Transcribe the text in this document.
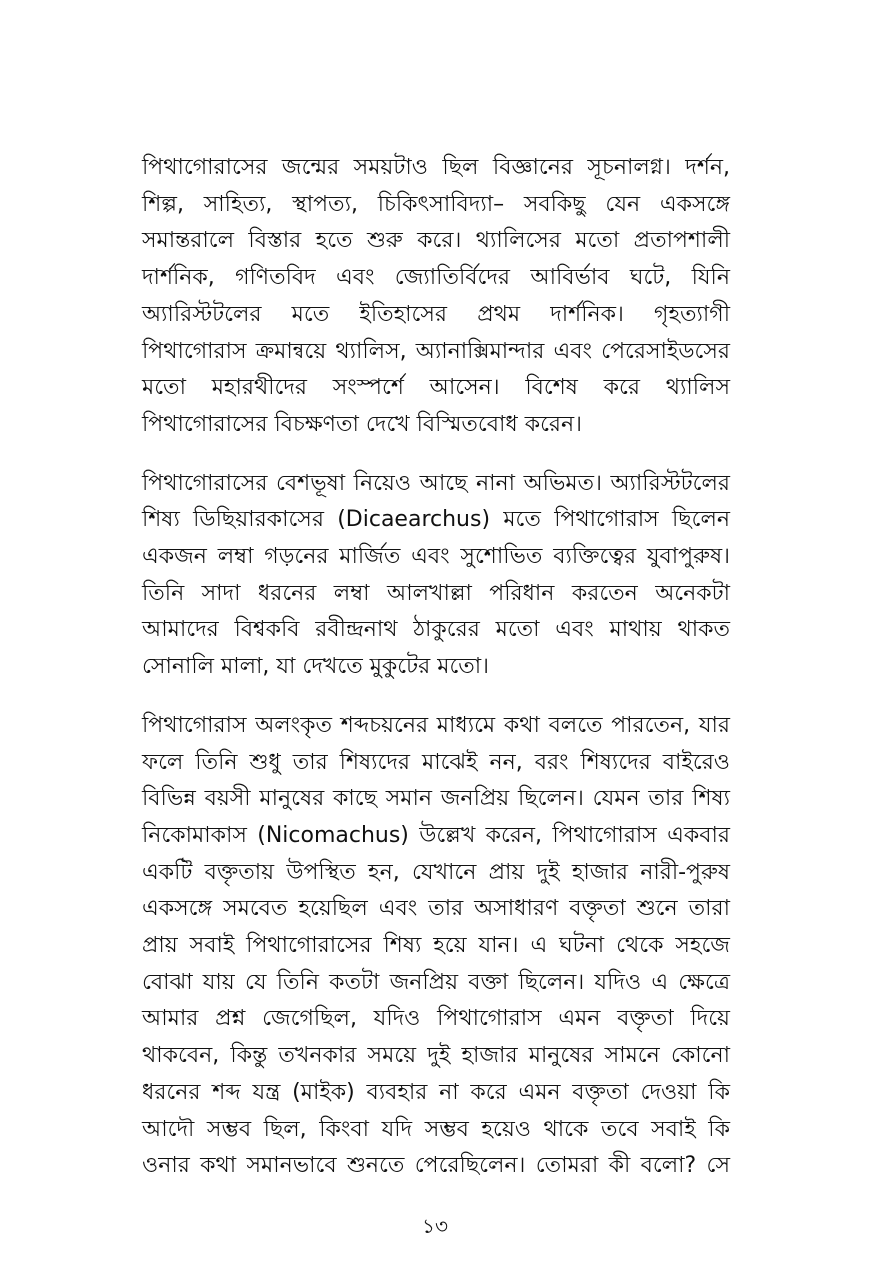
পিথাগোরাসের জন্মের সময়টাও ছিল বিজ্ঞানের সূচনালগ্ন। দর্শন,
শিল্প, সাহিত্য, স্থাপত্য, চিকিৎসাবিদ্যা– সবকিছু যেন একসঙ্গে
সমান্তরালে বিস্তার হতে শুরু করে। থ্যালিসের মতো প্রতাপশালী
দার্শনিক, গণিতবিদ এবং জ্যোতির্বিদের আবির্ভাব ঘটে, যিনি
অ্যারিস্টটলের মতে ইতিহাসের প্রথম দার্শনিক। গৃহত্যাগী
পিথাগোরাস ক্রমান্বয়ে থ্যালিস, অ্যানাক্সিমান্দার এবং পেরেসাইডসের
মতো মহারথীদের সংস্পর্শে আসেন। বিশেষ করে থ্যালিস
পিথাগোরাসের বিচক্ষণতা দেখে বিস্মিতবোধ করেন।
পিথাগোরাসের বেশভূষা নিয়েও আছে নানা অভিমত। অ্যারিস্টটলের
শিষ্য ডিছিয়ারকাসের (Dicaearchus) মতে পিথাগোরাস ছিলেন
একজন লম্বা গড়নের মার্জিত এবং সুশোভিত ব্যক্তিত্বের যুবাপুরুষ।
তিনি সাদা ধরনের লম্বা আলখাল্লা পরিধান করতেন অনেকটা
আমাদের বিশ্বকবি রবীন্দ্রনাথ ঠাকুরের মতো এবং মাথায় থাকত
সোনালি মালা, যা দেখতে মুকুটের মতো।
পিথাগোরাস অলংকৃত শব্দচয়নের মাধ্যমে কথা বলতে পারতেন, যার
ফলে তিনি শুধু তার শিষ্যদের মাঝেই নন, বরং শিষ্যদের বাইরেও
বিভিন্ন বয়সী মানুষের কাছে সমান জনপ্রিয় ছিলেন। যেমন তার শিষ্য
নিকোমাকাস (Nicomachus) উল্লেখ করেন, পিথাগোরাস একবার
একটি বক্তৃতায় উপস্থিত হন, যেখানে প্রায় দুই হাজার নারী-পুরুষ
একসঙ্গে সমবেত হয়েছিল এবং তার অসাধারণ বক্তৃতা শুনে তারা
প্রায় সবাই পিথাগোরাসের শিষ্য হয়ে যান। এ ঘটনা থেকে সহজে
বোঝা যায় যে তিনি কতটা জনপ্রিয় বক্তা ছিলেন। যদিও এ ক্ষেত্রে
আমার প্রশ্ন জেগেছিল, যদিও পিথাগোরাস এমন বক্তৃতা দিয়ে
থাকবেন, কিন্তু তখনকার সময়ে দুই হাজার মানুষের সামনে কোনো
ধরনের শব্দ যন্ত্র (মাইক) ব্যবহার না করে এমন বক্তৃতা দেওয়া কি
আদৌ সম্ভব ছিল, কিংবা যদি সম্ভব হয়েও থাকে তবে সবাই কি
ওনার কথা সমানভাবে শুনতে পেরেছিলেন। তোমরা কী বলো? সে
১৩
